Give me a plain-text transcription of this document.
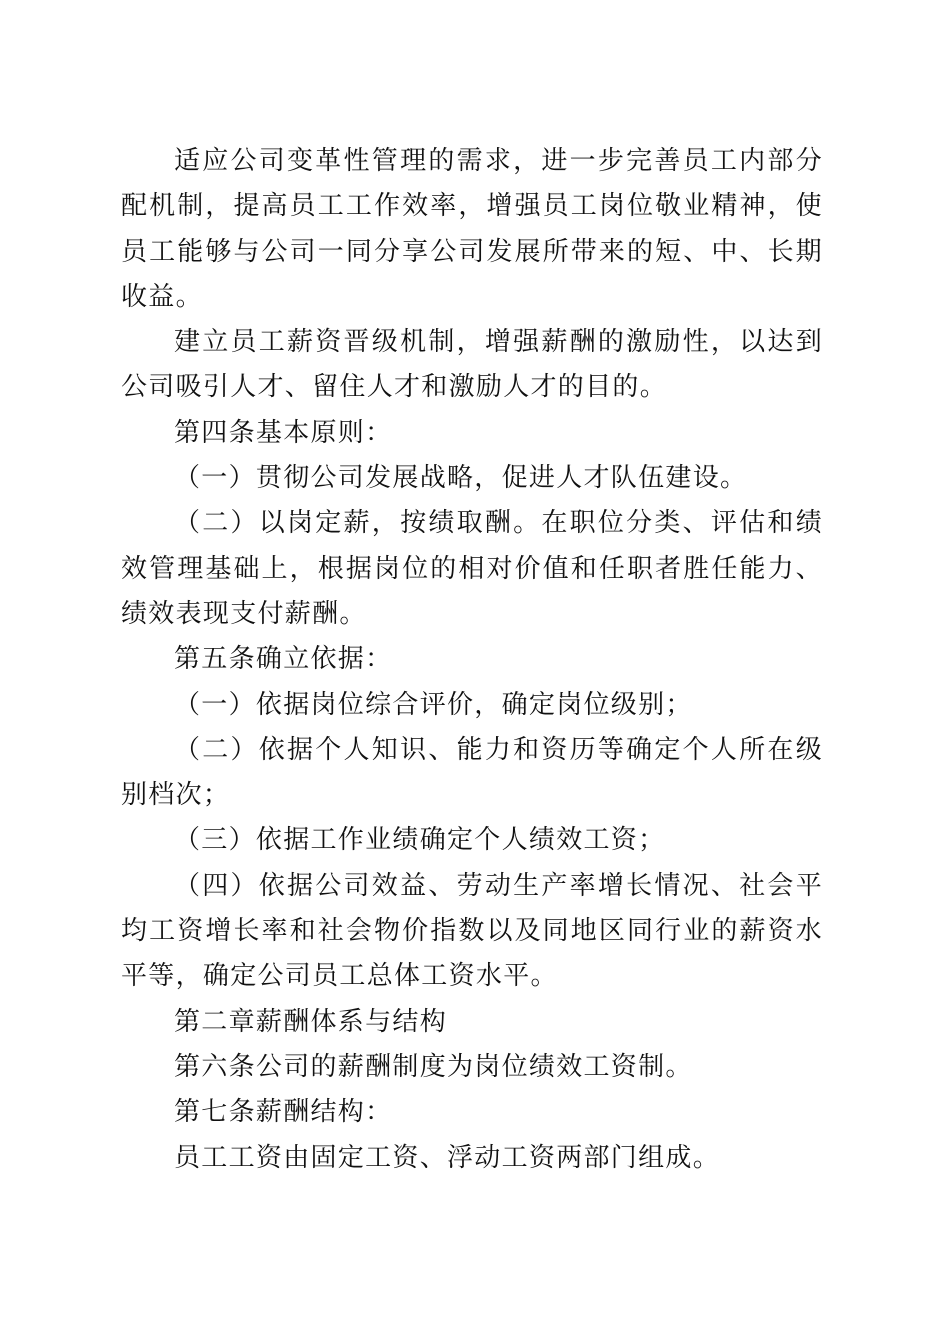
适应公司变革性管理的需求，进一步完善员工内部分配机制，提高员工工作效率，增强员工岗位敬业精神，使员工能够与公司一同分享公司发展所带来的短、中、长期收益。

建立员工薪资晋级机制，增强薪酬的激励性，以达到公司吸引人才、留住人才和激励人才的目的。

第四条基本原则：

（一）贯彻公司发展战略，促进人才队伍建设。

（二）以岗定薪，按绩取酬。在职位分类、评估和绩效管理基础上，根据岗位的相对价值和任职者胜任能力、绩效表现支付薪酬。

第五条确立依据：

（一）依据岗位综合评价，确定岗位级别；

（二）依据个人知识、能力和资历等确定个人所在级别档次；

（三）依据工作业绩确定个人绩效工资；

（四）依据公司效益、劳动生产率增长情况、社会平均工资增长率和社会物价指数以及同地区同行业的薪资水平等，确定公司员工总体工资水平。

第二章薪酬体系与结构

第六条公司的薪酬制度为岗位绩效工资制。

第七条薪酬结构：

员工工资由固定工资、浮动工资两部门组成。
